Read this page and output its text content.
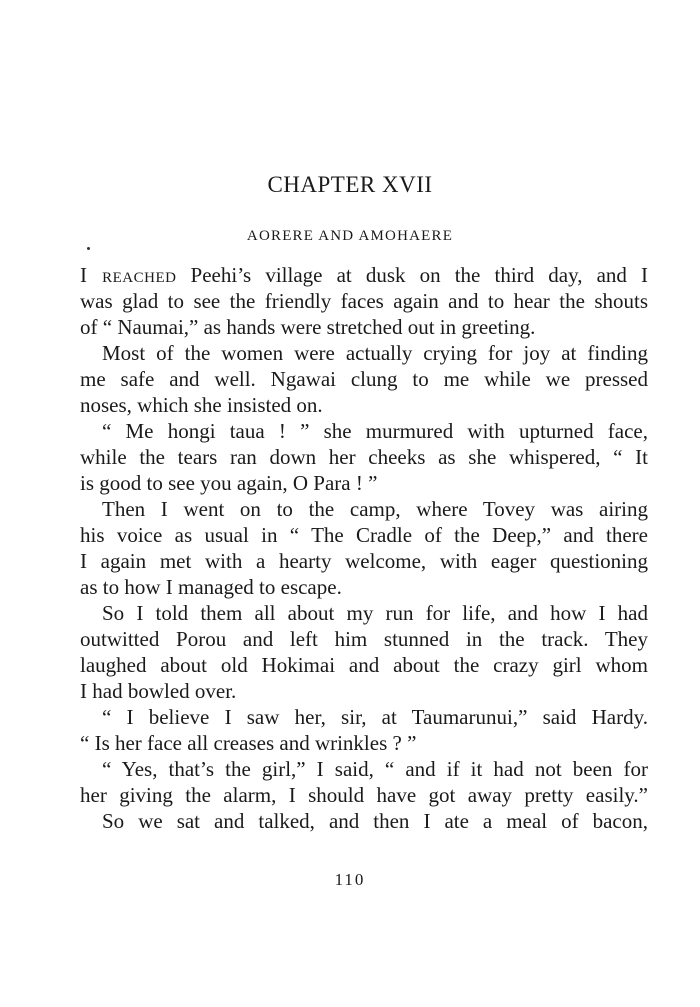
CHAPTER XVII
AORERE AND AMOHAERE
I reached Peehi’s village at dusk on the third day, and I
was glad to see the friendly faces again and to hear the shouts
of “ Naumai,” as hands were stretched out in greeting.
Most of the women were actually crying for joy at finding
me safe and well. Ngawai clung to me while we pressed
noses, which she insisted on.
“ Me hongi taua ! ” she murmured with upturned face,
while the tears ran down her cheeks as she whispered, “ It
is good to see you again, O Para ! ”
Then I went on to the camp, where Tovey was airing
his voice as usual in “ The Cradle of the Deep,” and there
I again met with a hearty welcome, with eager questioning
as to how I managed to escape.
So I told them all about my run for life, and how I had
outwitted Porou and left him stunned in the track. They
laughed about old Hokimai and about the crazy girl whom
I had bowled over.
“ I believe I saw her, sir, at Taumarunui,” said Hardy.
“ Is her face all creases and wrinkles ? ”
“ Yes, that’s the girl,” I said, “ and if it had not been for
her giving the alarm, I should have got away pretty easily.”
So we sat and talked, and then I ate a meal of bacon,
110
